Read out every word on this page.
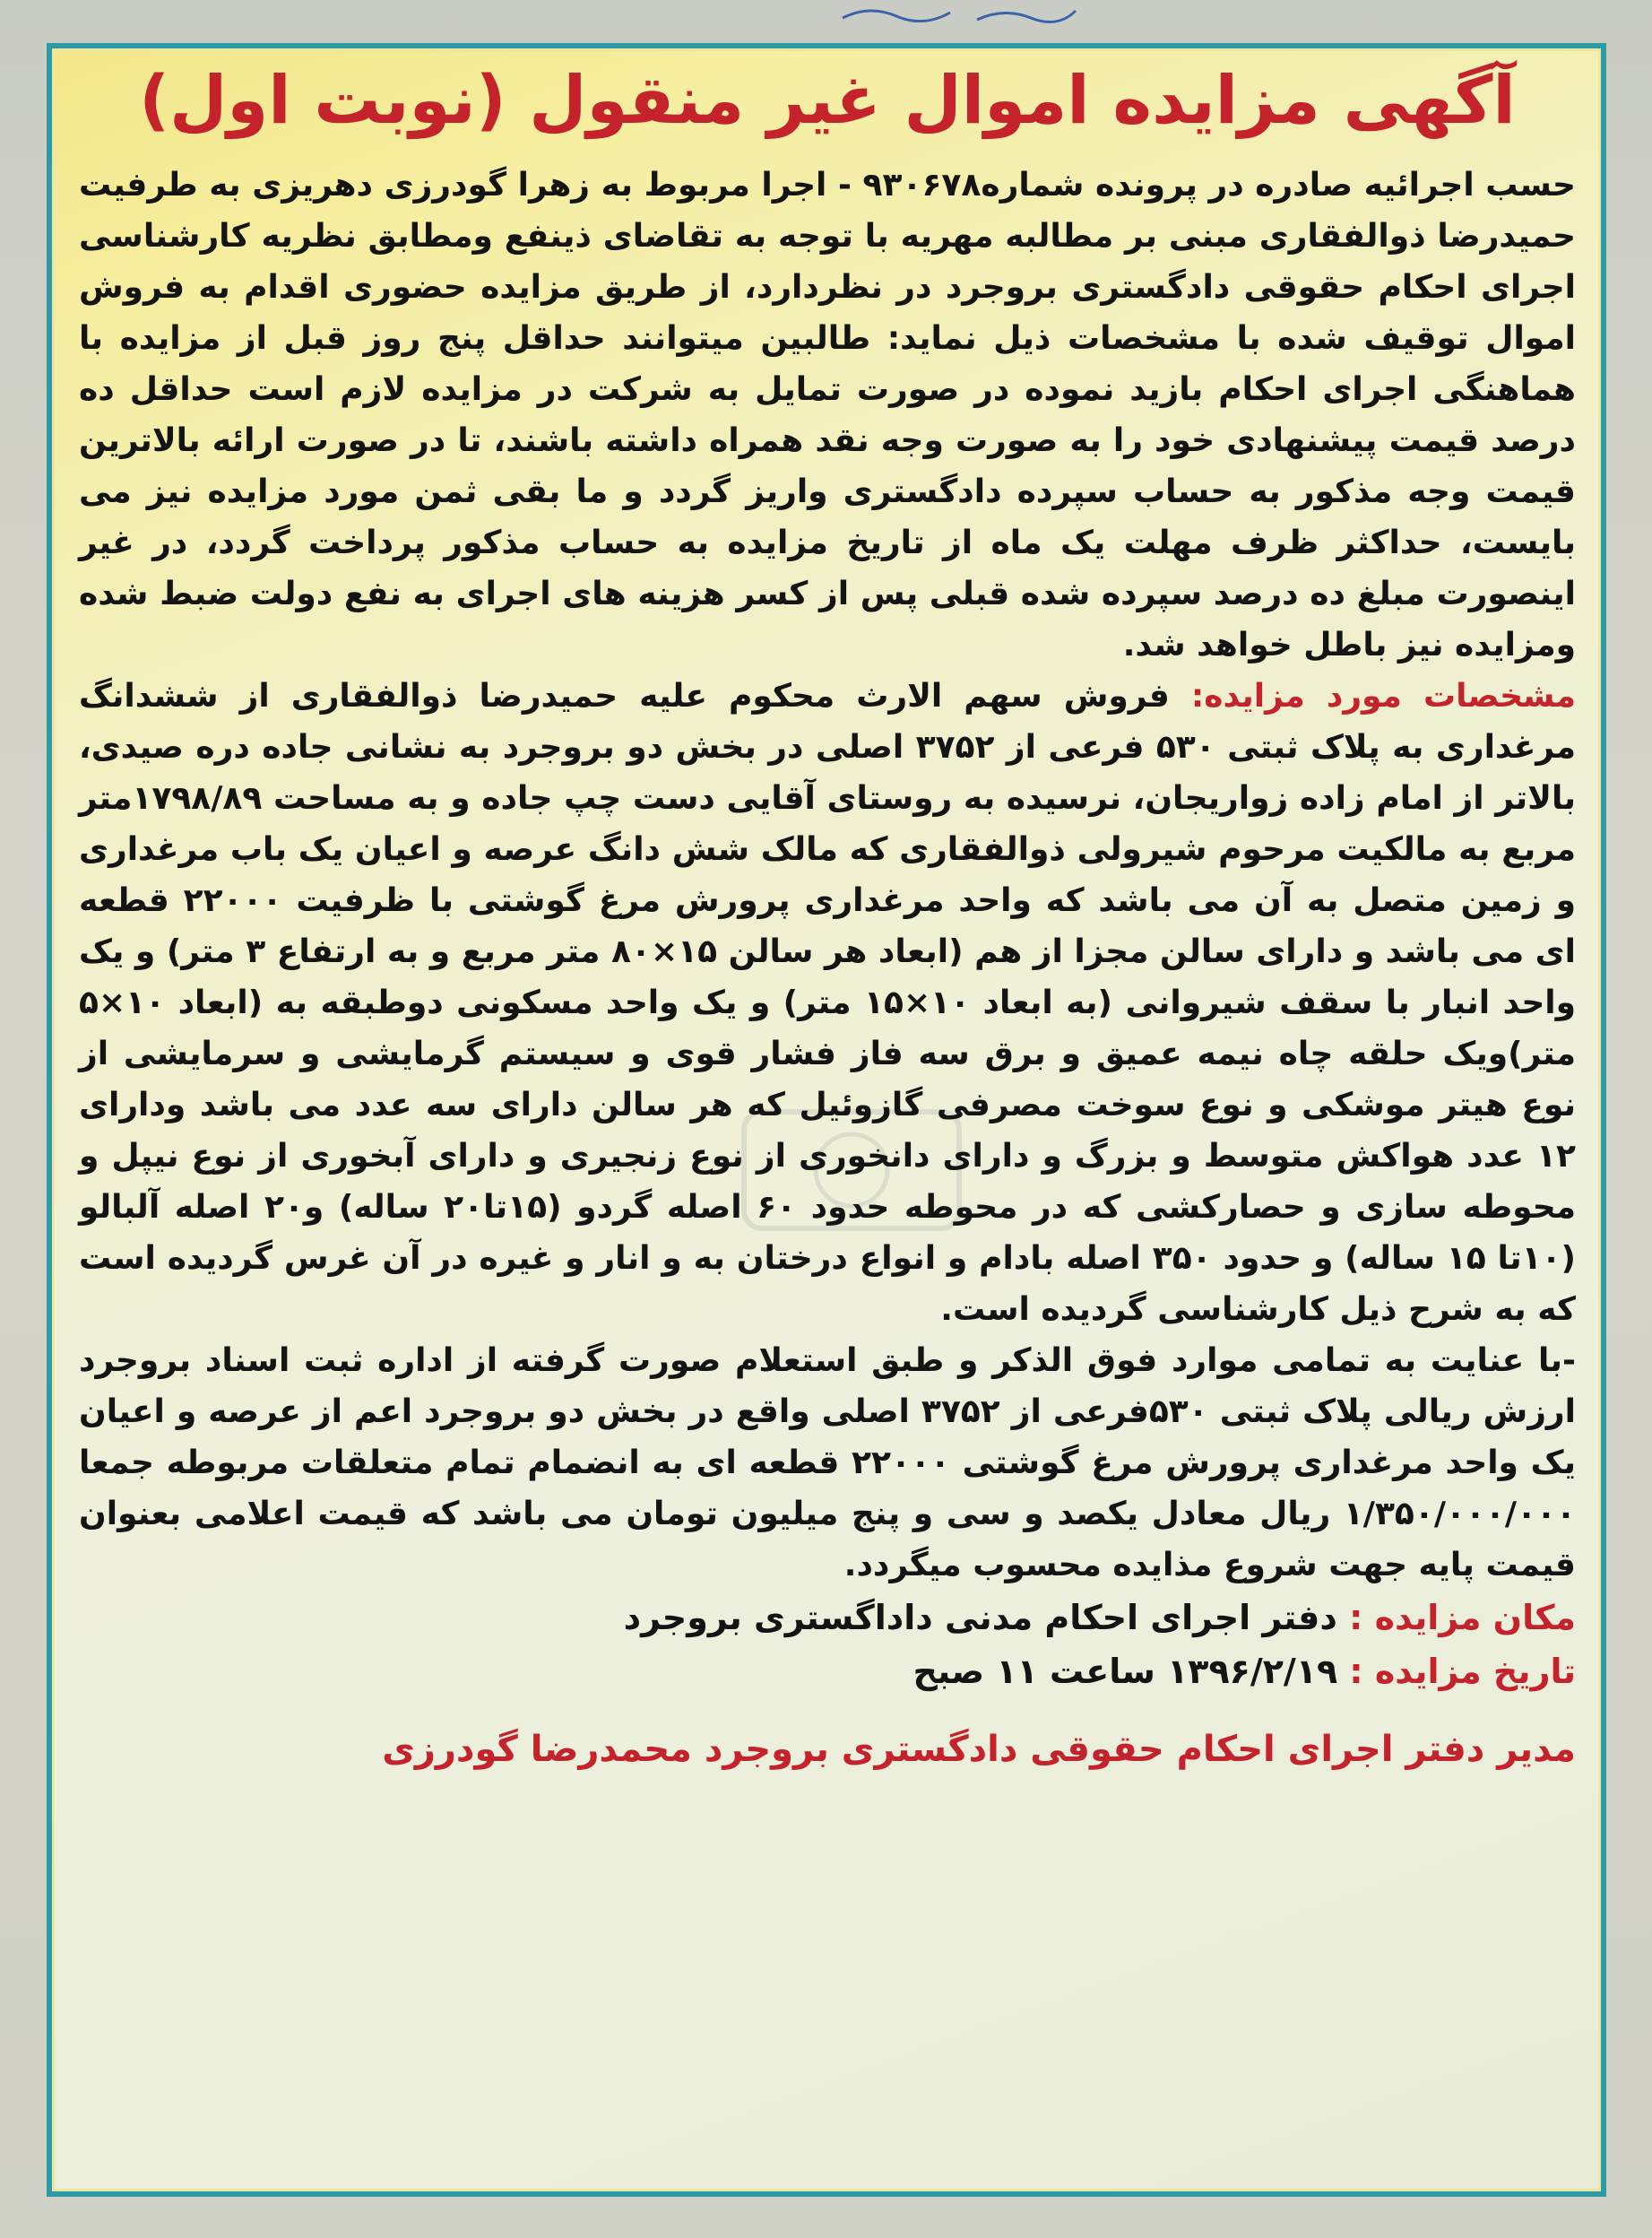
آگهی مزایده اموال غیر منقول (نوبت اول)

حسب اجرائیه صادره در پرونده شماره۹۳۰۶۷۸ - اجرا مربوط به زهرا گودرزی دهریزی به طرفیت حمیدرضا ذوالفقاری مبنی بر مطالبه مهریه با توجه به تقاضای ذینفع ومطابق نظریه کارشناسی اجرای احکام حقوقی دادگستری بروجرد در نظردارد، از طریق مزایده حضوری اقدام به فروش اموال توقیف شده با مشخصات ذیل نماید: طالبین میتوانند حداقل پنج روز قبل از مزایده با هماهنگی اجرای احکام بازید نموده در صورت تمایل به شرکت در مزایده لازم است حداقل ده درصد قیمت پیشنهادی خود را به صورت وجه نقد همراه داشته باشند، تا در صورت ارائه بالاترین قیمت وجه مذکور به حساب سپرده دادگستری واریز گردد و ما بقی ثمن مورد مزایده نیز می بایست، حداکثر ظرف مهلت یک ماه از تاریخ مزایده به حساب مذکور پرداخت گردد، در غیر اینصورت مبلغ ده درصد سپرده شده قبلی پس از کسر هزینه های اجرای به نفع دولت ضبط شده ومزایده نیز باطل خواهد شد.

مشخصات مورد مزایده: فروش سهم الارث محکوم علیه حمیدرضا ذوالفقاری از ششدانگ مرغداری به پلاک ثبتی ۵۳۰ فرعی از ۳۷۵۲ اصلی در بخش دو بروجرد به نشانی جاده دره صیدی، بالاتر از امام زاده زواریجان، نرسیده به روستای آقایی دست چپ جاده و به مساحت ۱۷۹۸/۸۹متر مربع به مالکیت مرحوم شیرولی ذوالفقاری که مالک شش دانگ عرصه و اعیان یک باب مرغداری و زمین متصل به آن می باشد که واحد مرغداری پرورش مرغ گوشتی با ظرفیت ۲۲۰۰۰ قطعه ای می باشد و دارای سالن مجزا از هم (ابعاد هر سالن ۱۵×۸۰ متر مربع و به ارتفاع ۳ متر) و یک واحد انبار با سقف شیروانی (به ابعاد ۱۰×۱۵ متر) و یک واحد مسکونی دوطبقه به (ابعاد ۱۰×۵ متر)ویک حلقه چاه نیمه عمیق و برق سه فاز فشار قوی و سیستم گرمایشی و سرمایشی از نوع هیتر موشکی و نوع سوخت مصرفی گازوئیل که هر سالن دارای سه عدد می باشد ودارای ۱۲ عدد هواکش متوسط و بزرگ و دارای دانخوری از نوع زنجیری و دارای آبخوری از نوع نیپل و محوطه سازی و حصارکشی که در محوطه حدود ۶۰ اصله گردو (۱۵تا۲۰ ساله) و۲۰ اصله آلبالو (۱۰تا ۱۵ ساله) و حدود ۳۵۰ اصله بادام و انواع درختان به و انار و غیره در آن غرس گردیده است که به شرح ذیل کارشناسی گردیده است.

-با عنایت به تمامی موارد فوق الذکر و طبق استعلام صورت گرفته از اداره ثبت اسناد بروجرد ارزش ریالی پلاک ثبتی ۵۳۰فرعی از ۳۷۵۲ اصلی واقع در بخش دو بروجرد اعم از عرصه و اعیان یک واحد مرغداری پرورش مرغ گوشتی ۲۲۰۰۰ قطعه ای به انضمام تمام متعلقات مربوطه جمعا ۱/۳۵۰/۰۰۰/۰۰۰ ریال معادل یکصد و سی و پنج میلیون تومان می باشد که قیمت اعلامی بعنوان قیمت پایه جهت شروع مذایده محسوب میگردد.

مکان مزایده : دفتر اجرای احکام مدنی داداگستری بروجرد

تاریخ مزایده : ۱۳۹۶/۲/۱۹ ساعت ۱۱ صبح

مدیر دفتر اجرای احکام حقوقی دادگستری بروجرد محمدرضا گودرزی
